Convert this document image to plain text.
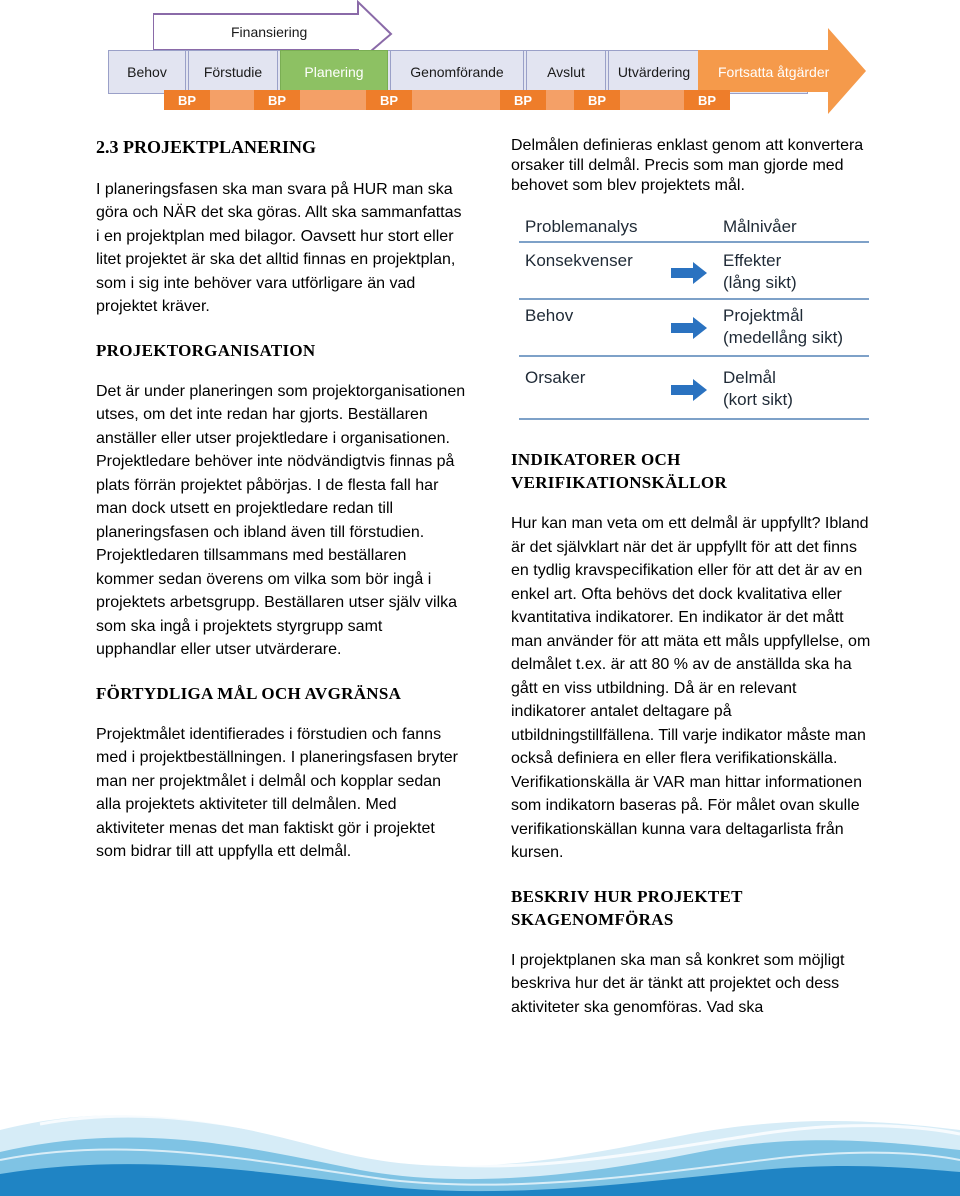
Finansiering
Behov	Förstudie	Planering	Genomförande	Avslut	Utvärdering	Fortsatta åtgärder
BP	BP	BP	BP	BP	BP
2.3 PROJEKTPLANERING

I planeringsfasen ska man svara på HUR man ska göra och NÄR det ska göras. Allt ska sammanfattas i en projektplan med bilagor. Oavsett hur stort eller litet projektet är ska det alltid finnas en projektplan, som i sig inte behöver vara utförligare än vad projektet kräver.

PROJEKTORGANISATION

Det är under planeringen som projektorganisationen utses, om det inte redan har gjorts. Beställaren anställer eller utser projektledare i organisationen. Projektledare behöver inte nödvändigtvis finnas på plats förrän projektet påbörjas. I de flesta fall har man dock utsett en projektledare redan till planeringsfasen och ibland även till förstudien. Projektledaren tillsammans med beställaren kommer sedan överens om vilka som bör ingå i projektets arbetsgrupp. Beställaren utser själv vilka som ska ingå i projektets styrgrupp samt upphandlar eller utser utvärderare.

FÖRTYDLIGA MÅL OCH AVGRÄNSA

Projektmålet identifierades i förstudien och fanns med i projektbeställningen. I planeringsfasen bryter man ner projektmålet i delmål och kopplar sedan alla projektets aktiviteter till delmålen. Med aktiviteter menas det man faktiskt gör i projektet som bidrar till att uppfylla ett delmål.

Delmålen definieras enklast genom att konvertera orsaker till delmål. Precis som man gjorde med behovet som blev projektets mål.

Problemanalys	Målnivåer
Konsekvenser	Effekter
(lång sikt)
Behov	Projektmål
(medellång sikt)
Orsaker	Delmål
(kort sikt)
INDIKATORER OCH
VERIFIKATIONSKÄLLOR

Hur kan man veta om ett delmål är uppfyllt? Ibland är det självklart när det är uppfyllt för att det finns en tydlig kravspecifikation eller för att det är av en enkel art. Ofta behövs det dock kvalitativa eller kvantitativa indikatorer. En indikator är det mått man använder för att mäta ett måls uppfyllelse, om delmålet t.ex. är att 80 % av de anställda ska ha gått en viss utbildning. Då är en relevant indikatorer antalet deltagare på utbildningstillfällena. Till varje indikator måste man också definiera en eller flera verifikationskälla. Verifikationskälla är VAR man hittar informationen som indikatorn baseras på. För målet ovan skulle verifikationskällan kunna vara deltagarlista från kursen.

BESKRIV HUR PROJEKTET
SKAGENOMFÖRAS

I projektplanen ska man så konkret som möjligt beskriva hur det är tänkt att projektet och dess aktiviteter ska genomföras. Vad ska
